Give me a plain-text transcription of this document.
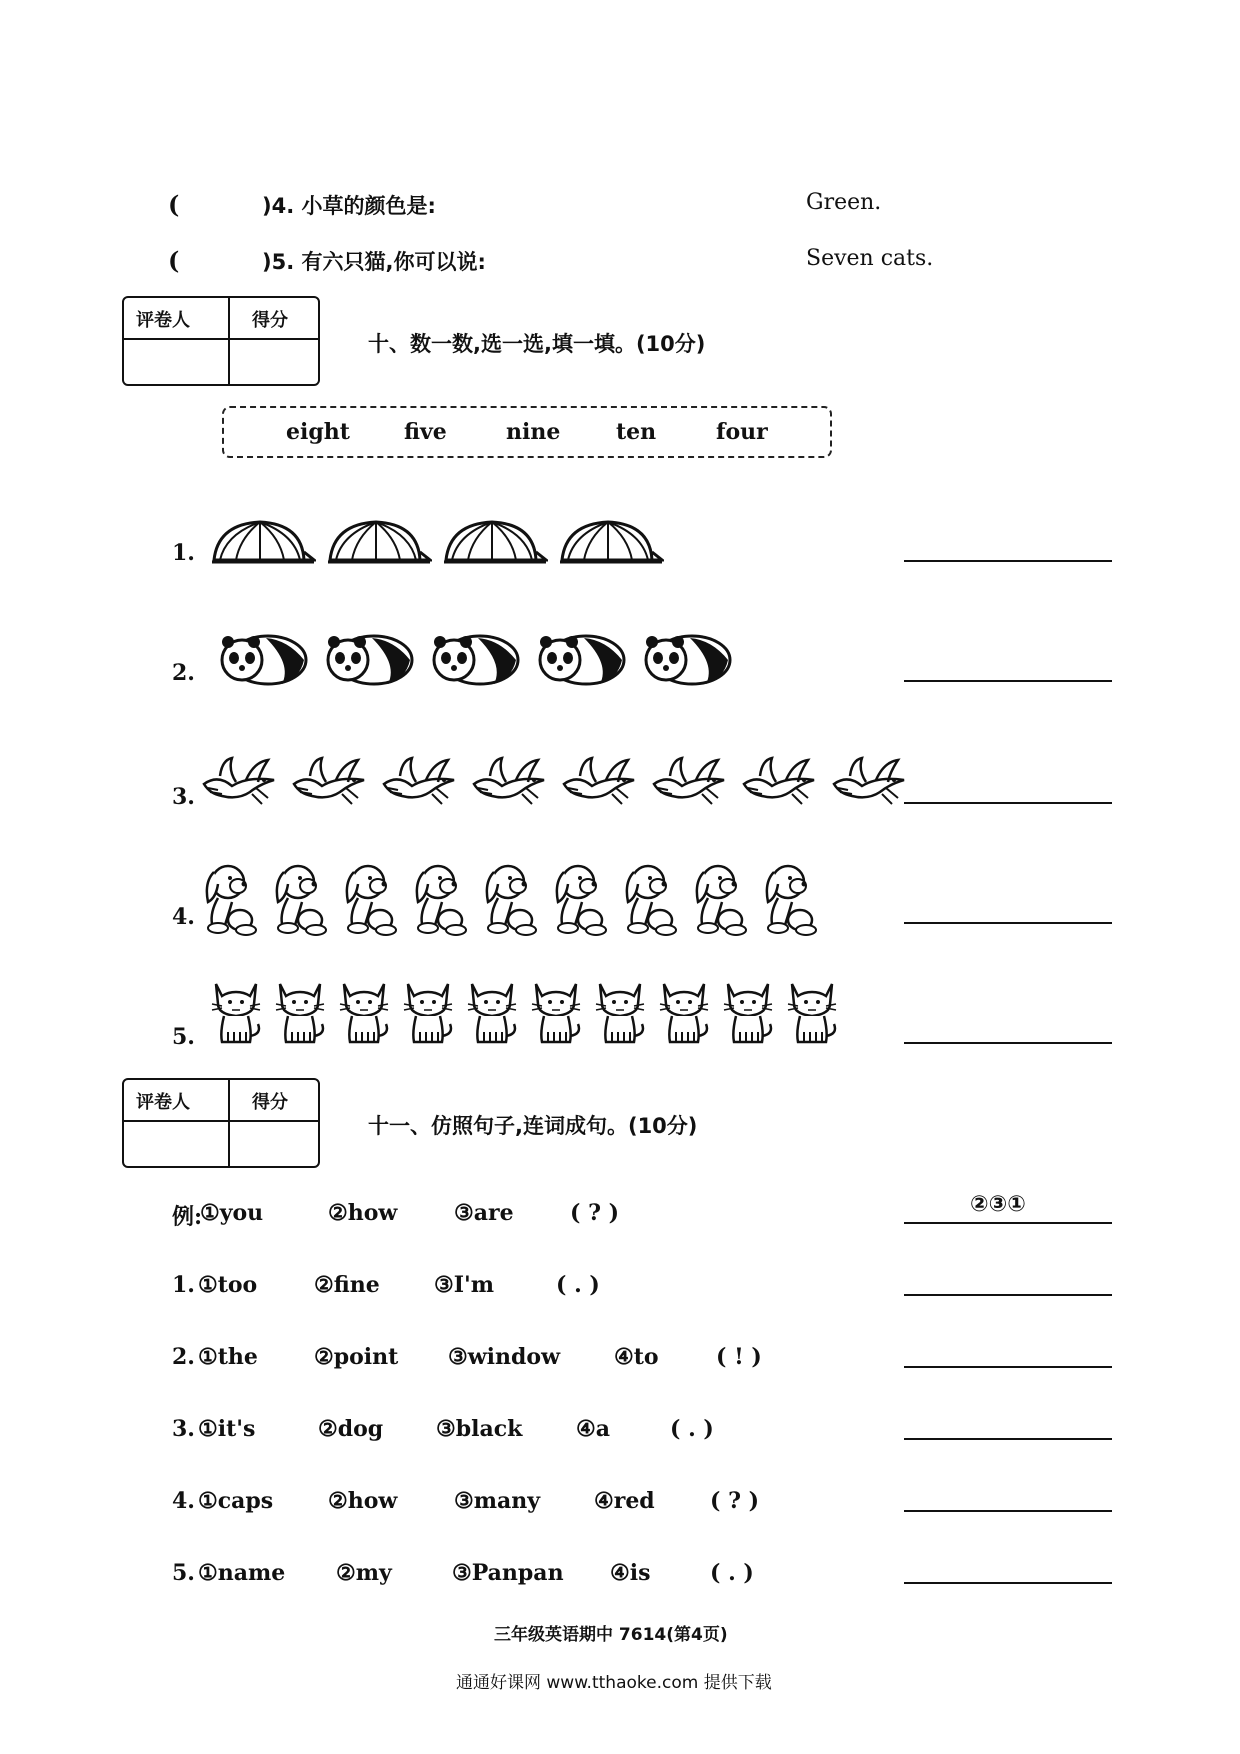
(	)4. 小草的颜色是:	Green.
(	)5. 有六只猫,你可以说:	Seven cats.
评卷人	得分
十、数一数,选一选,填一填。(10分)
eight five	nine	ten	four
1.
2.
3.
4.
5.
评卷人	得分
十一、仿照句子,连词成句。(10分)
例:
①you	②how	③are	( ? )	②③①
1. ①too	②fine ③I'm	( . )
2. ①the	②point ③window ④to	( ! )
3. ①it's	②dog ③black ④a	( . )
4. ①caps ②how	③many ④red	( ? )
5. ①name ②my	③Panpan ④is	( . )
三年级英语期中 7614(第4页)
通通好课网 www.tthaoke.com 提供下载
